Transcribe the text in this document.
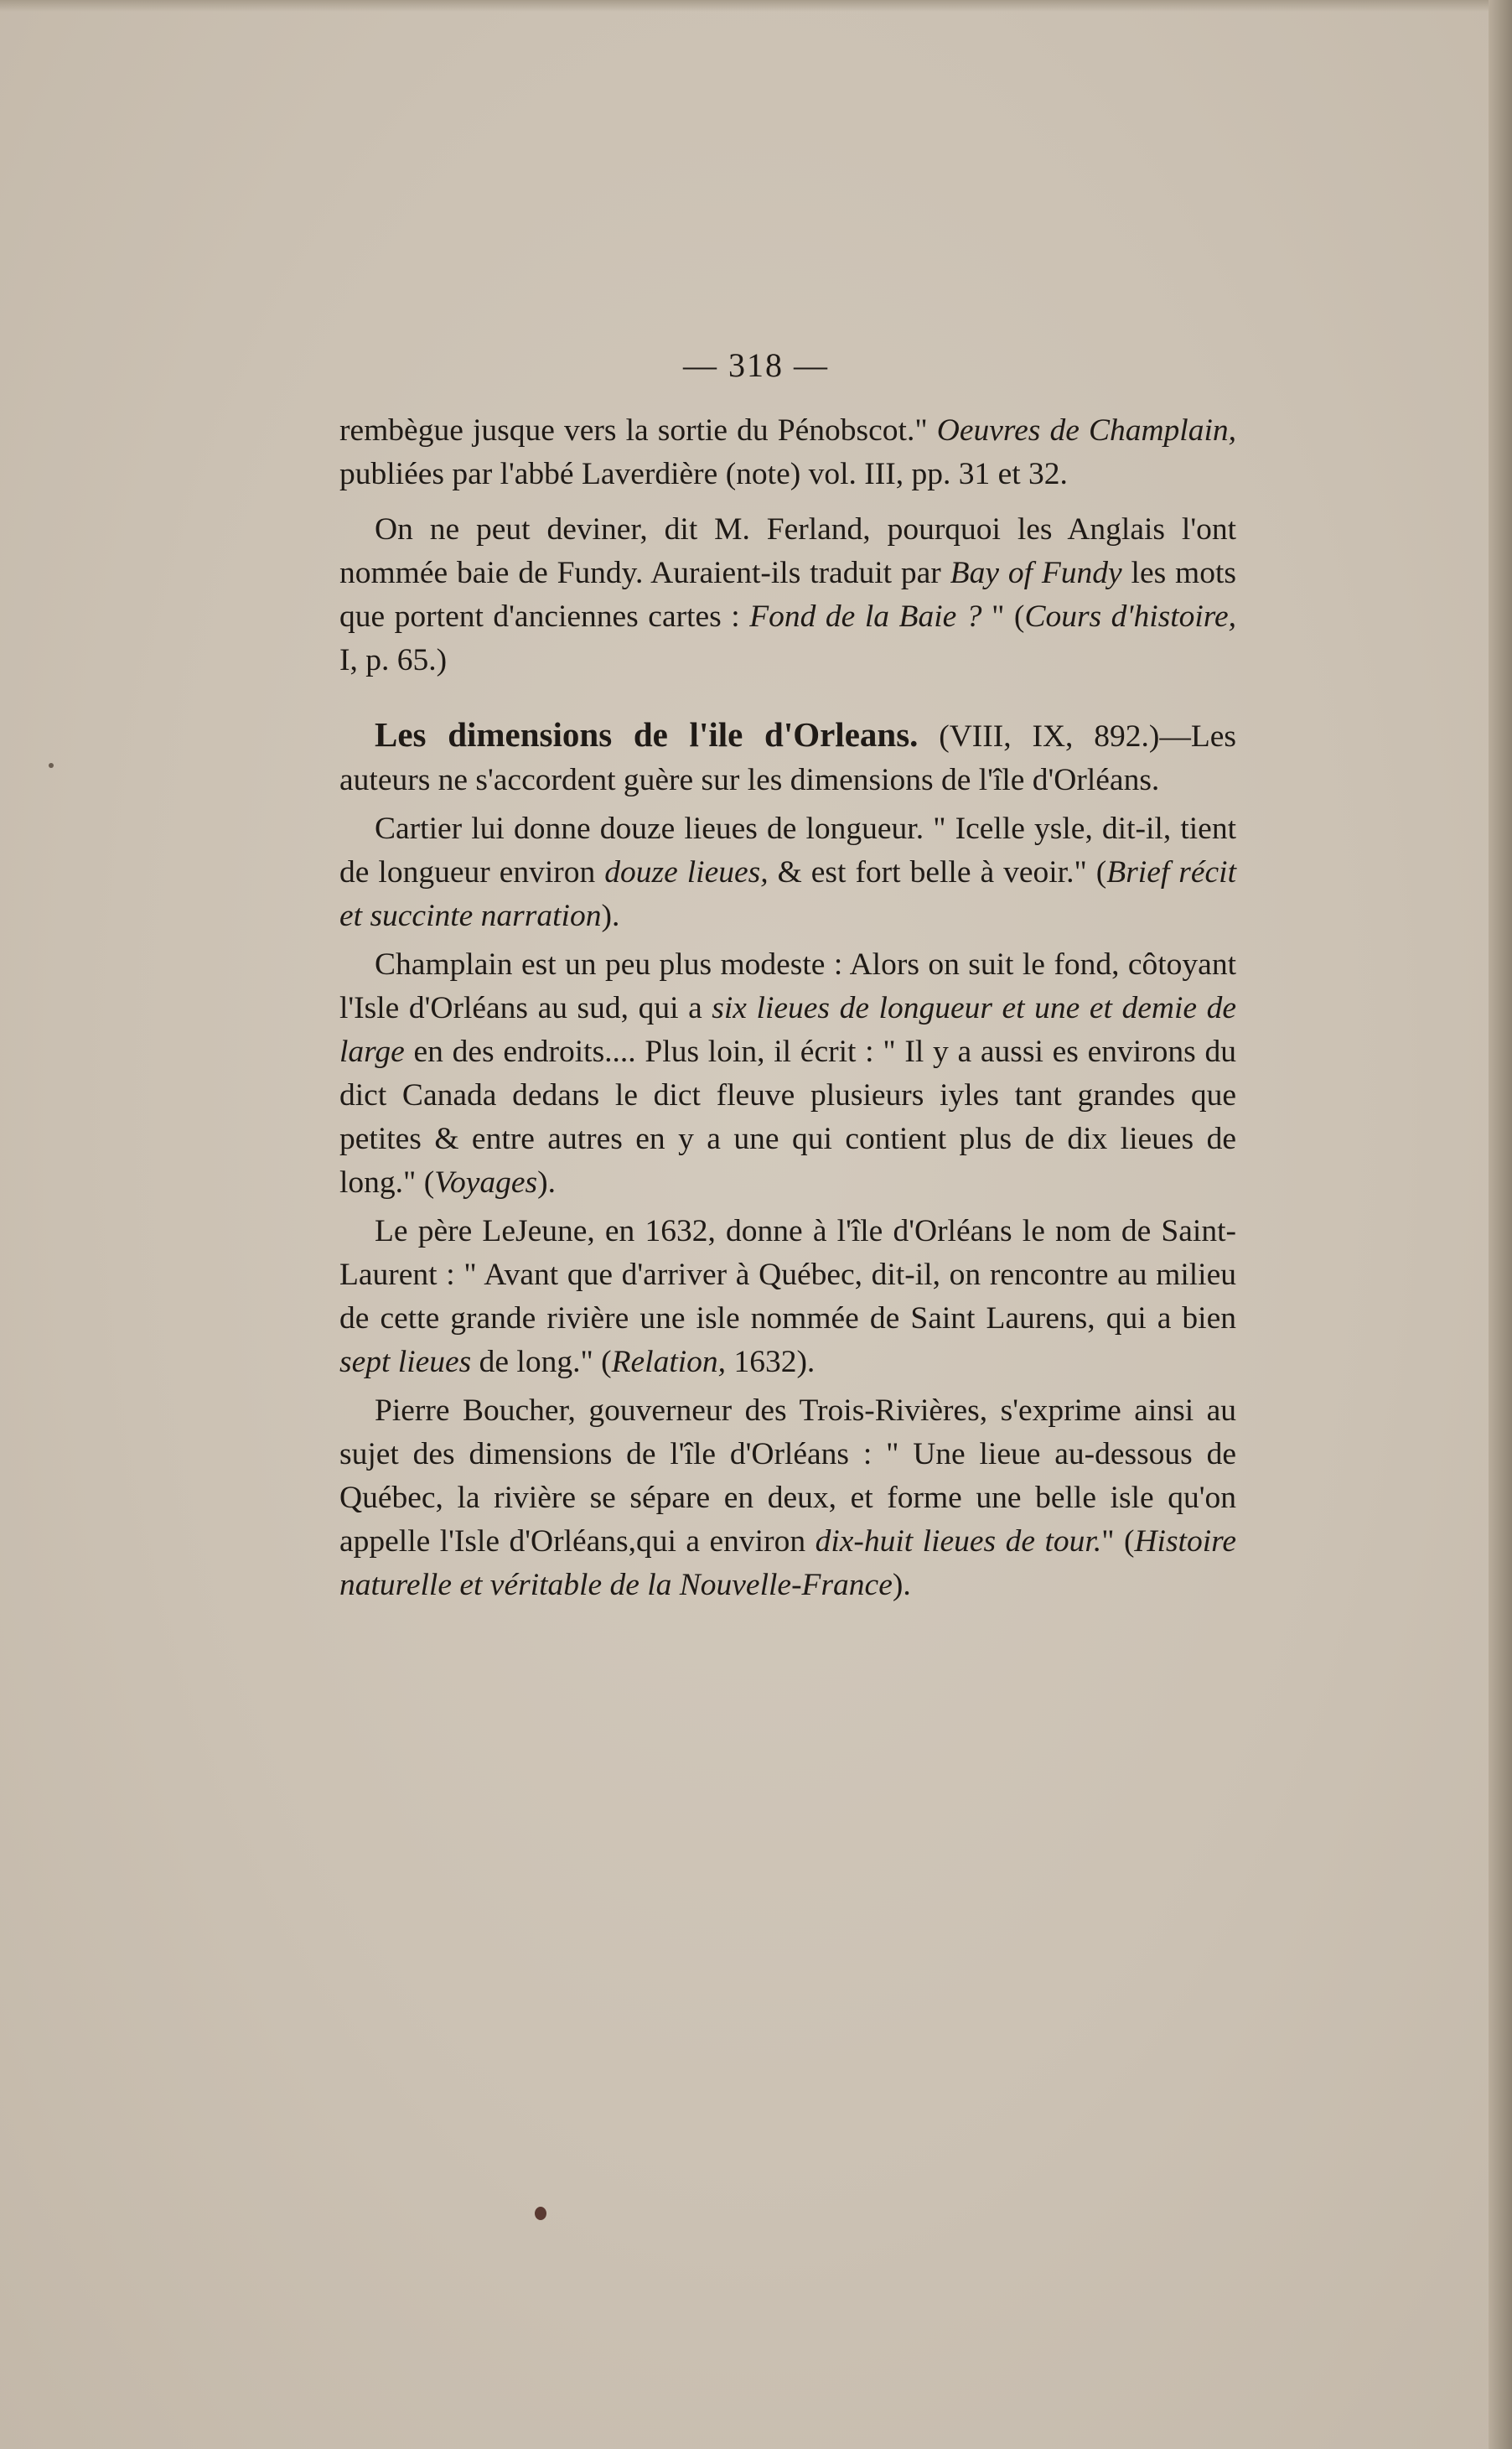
— 318 —

rembègue jusque vers la sortie du Pénobscot." Oeuvres de Champlain, publiées par l'abbé Laverdière (note) vol. III, pp. 31 et 32.

On ne peut deviner, dit M. Ferland, pourquoi les Anglais l'ont nommée baie de Fundy. Auraient-ils traduit par Bay of Fundy les mots que portent d'anciennes cartes : Fond de la Baie ? " (Cours d'histoire, I, p. 65.)

Les dimensions de l'ile d'Orleans. (VIII, IX, 892.)—Les auteurs ne s'accordent guère sur les dimensions de l'île d'Orléans.

Cartier lui donne douze lieues de longueur. " Icelle ysle, dit-il, tient de longueur environ douze lieues, & est fort belle à veoir." (Brief récit et succinte narration).

Champlain est un peu plus modeste : Alors on suit le fond, côtoyant l'Isle d'Orléans au sud, qui a six lieues de longueur et une et demie de large en des endroits.... Plus loin, il écrit : " Il y a aussi es environs du dict Canada dedans le dict fleuve plusieurs iyles tant grandes que petites & entre autres en y a une qui contient plus de dix lieues de long." (Voyages).

Le père LeJeune, en 1632, donne à l'île d'Orléans le nom de Saint-Laurent : " Avant que d'arriver à Québec, dit-il, on rencontre au milieu de cette grande rivière une isle nommée de Saint Laurens, qui a bien sept lieues de long." (Relation, 1632).

Pierre Boucher, gouverneur des Trois-Rivières, s'exprime ainsi au sujet des dimensions de l'île d'Orléans : " Une lieue au-dessous de Québec, la rivière se sépare en deux, et forme une belle isle qu'on appelle l'Isle d'Orléans,qui a environ dix-huit lieues de tour." (Histoire naturelle et véritable de la Nouvelle-France).
